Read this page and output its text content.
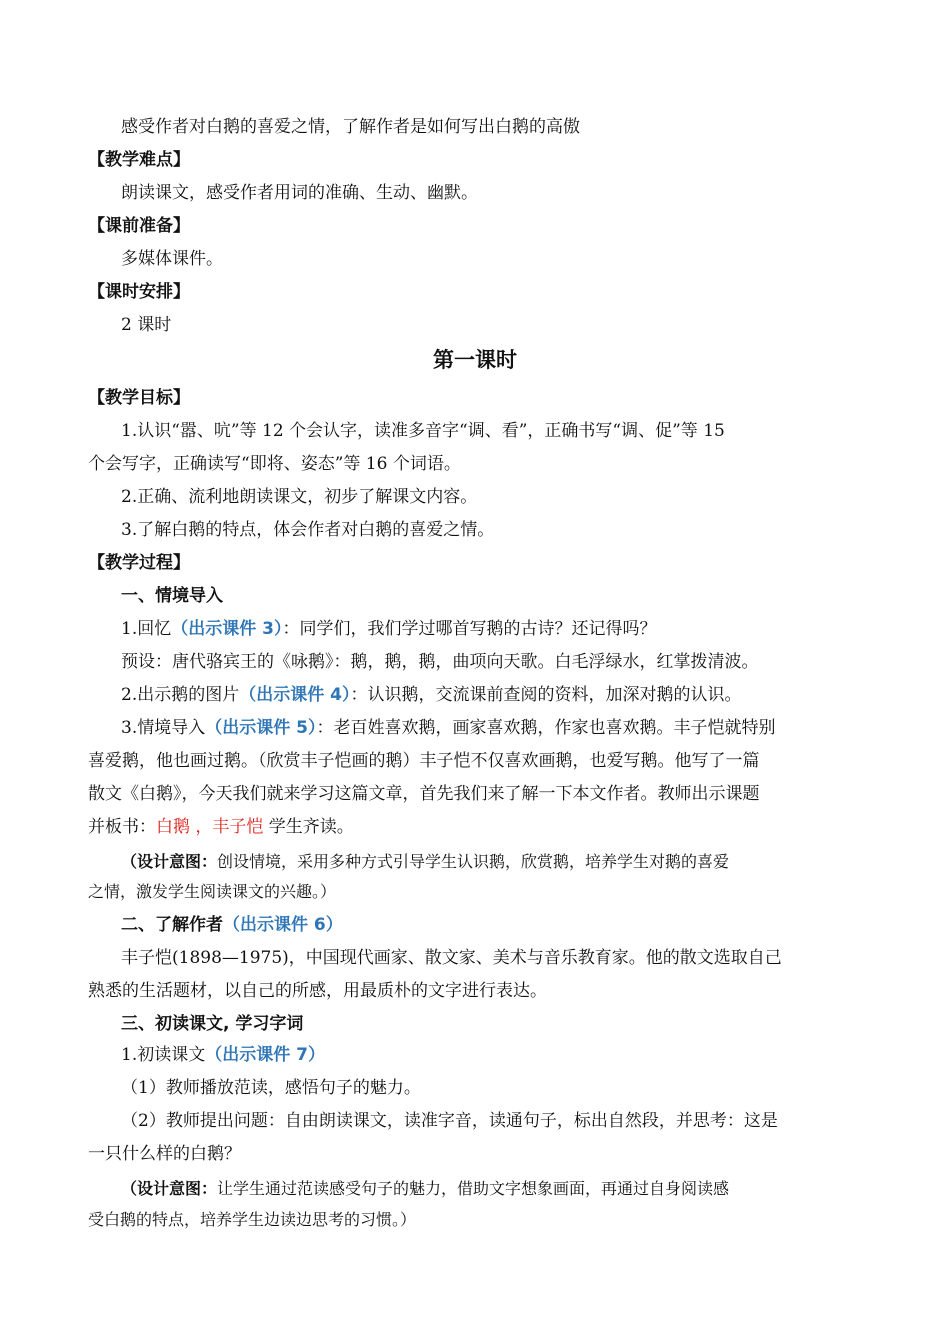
感受作者对白鹅的喜爱之情，了解作者是如何写出白鹅的高傲
【教学难点】
朗读课文，感受作者用词的准确、生动、幽默。
【课前准备】
多媒体课件。
【课时安排】
2 课时
第一课时
【教学目标】
1.认识“嚣、吭”等 12 个会认字，读准多音字“调、看”，正确书写“调、促”等 15
个会写字，正确读写“即将、姿态”等 16 个词语。
2.正确、流利地朗读课文，初步了解课文内容。
3.了解白鹅的特点，体会作者对白鹅的喜爱之情。
【教学过程】
一、情境导入
1.回忆（出示课件 3）：同学们，我们学过哪首写鹅的古诗？还记得吗？
预设：唐代骆宾王的《咏鹅》：鹅，鹅，鹅，曲项向天歌。白毛浮绿水，红掌拨清波。
2.出示鹅的图片（出示课件 4）：认识鹅，交流课前查阅的资料，加深对鹅的认识。
3.情境导入（出示课件 5）：老百姓喜欢鹅，画家喜欢鹅，作家也喜欢鹅。丰子恺就特别
喜爱鹅，他也画过鹅。（欣赏丰子恺画的鹅）丰子恺不仅喜欢画鹅，也爱写鹅。他写了一篇
散文《白鹅》，今天我们就来学习这篇文章，首先我们来了解一下本文作者。教师出示课题
并板书：白鹅 ，丰子恺 学生齐读。
（设计意图：创设情境，采用多种方式引导学生认识鹅，欣赏鹅，培养学生对鹅的喜爱
之情，激发学生阅读课文的兴趣。）
二、了解作者（出示课件 6）
丰子恺(1898—1975)，中国现代画家、散文家、美术与音乐教育家。他的散文选取自己
熟悉的生活题材，以自己的所感，用最质朴的文字进行表达。
三、初读课文, 学习字词
1.初读课文（出示课件 7）
（1）教师播放范读，感悟句子的魅力。
（2）教师提出问题：自由朗读课文，读准字音，读通句子，标出自然段，并思考：这是
一只什么样的白鹅？
（设计意图：让学生通过范读感受句子的魅力，借助文字想象画面，再通过自身阅读感
受白鹅的特点，培养学生边读边思考的习惯。）
